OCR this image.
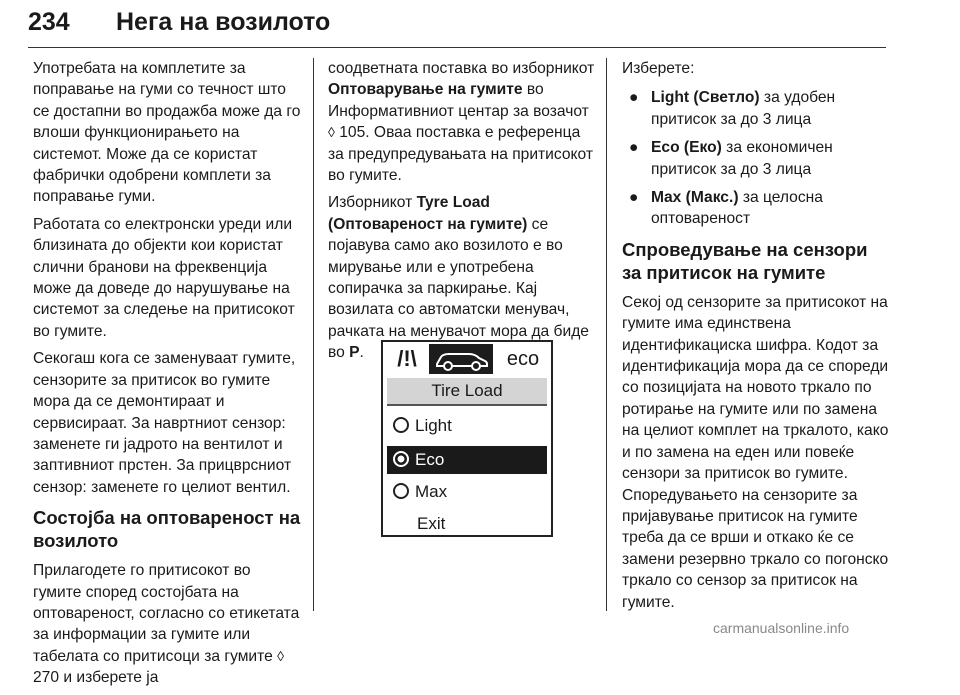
234 Нега на возилото

Употребата на комплетите за поправање на гуми со течност што се достапни во продажба може да го влоши функционирањето на системот. Може да се користат фабрички одобрени комплети за поправање гуми.

Работата со електронски уреди или близината до објекти кои користат слични бранови на фреквенција може да доведе до нарушување на системот за следење на притисокот во гумите.

Секогаш кога се заменуваат гумите, сензорите за притисок во гумите мора да се демонтираат и сервисираат. За навртниот сензор: заменете ги јадрото на вентилот и заптивниот прстен. За прицврсниот сензор: заменете го целиот вентил.

Состојба на оптовареност на возилото

Прилагодете го притисокот во гумите според состојбата на оптовареност, согласно со етикетата за информации за гумите или табелата со притисоци за гумите ◊ 270 и изберете ја

соодветната поставка во изборникот Оптоварување на гумите во Информативниот центар за возачот ◊ 105. Оваа поставка е референца за предупредувањата на притисокот во гумите.

Изборникот Tyre Load (Оптовареност на гумите) се појавува само ако возилото е во мирување или е употребена сопирачка за паркирање. Кај возилата со автоматски менувач, рачката на менувачот мора да биде во P.	/!\	eco
Tire Load
Light
Eco
Max
Exit

Изберете:

● Light (Светло) за удобен притисок за до 3 лица
● Eco (Еко) за економичен притисок за до 3 лица
● Max (Макс.) за целосна оптовареност
Спроведување на сензори за притисок на гумите

Секој од сензорите за притисокот на гумите има единствена идентификациска шифра. Кодот за идентификација мора да се спореди со позицијата на новото тркало по ротирање на гумите или по замена на целиот комплет на тркалото, како и по замена на еден или повеќе сензори за притисок во гумите. Споредувањето на сензорите за пријавување притисок на гумите треба да се врши и откако ќе се замени резервно тркало со погонско тркало со сензор за притисок на гумите.

carmanualsonline.info
